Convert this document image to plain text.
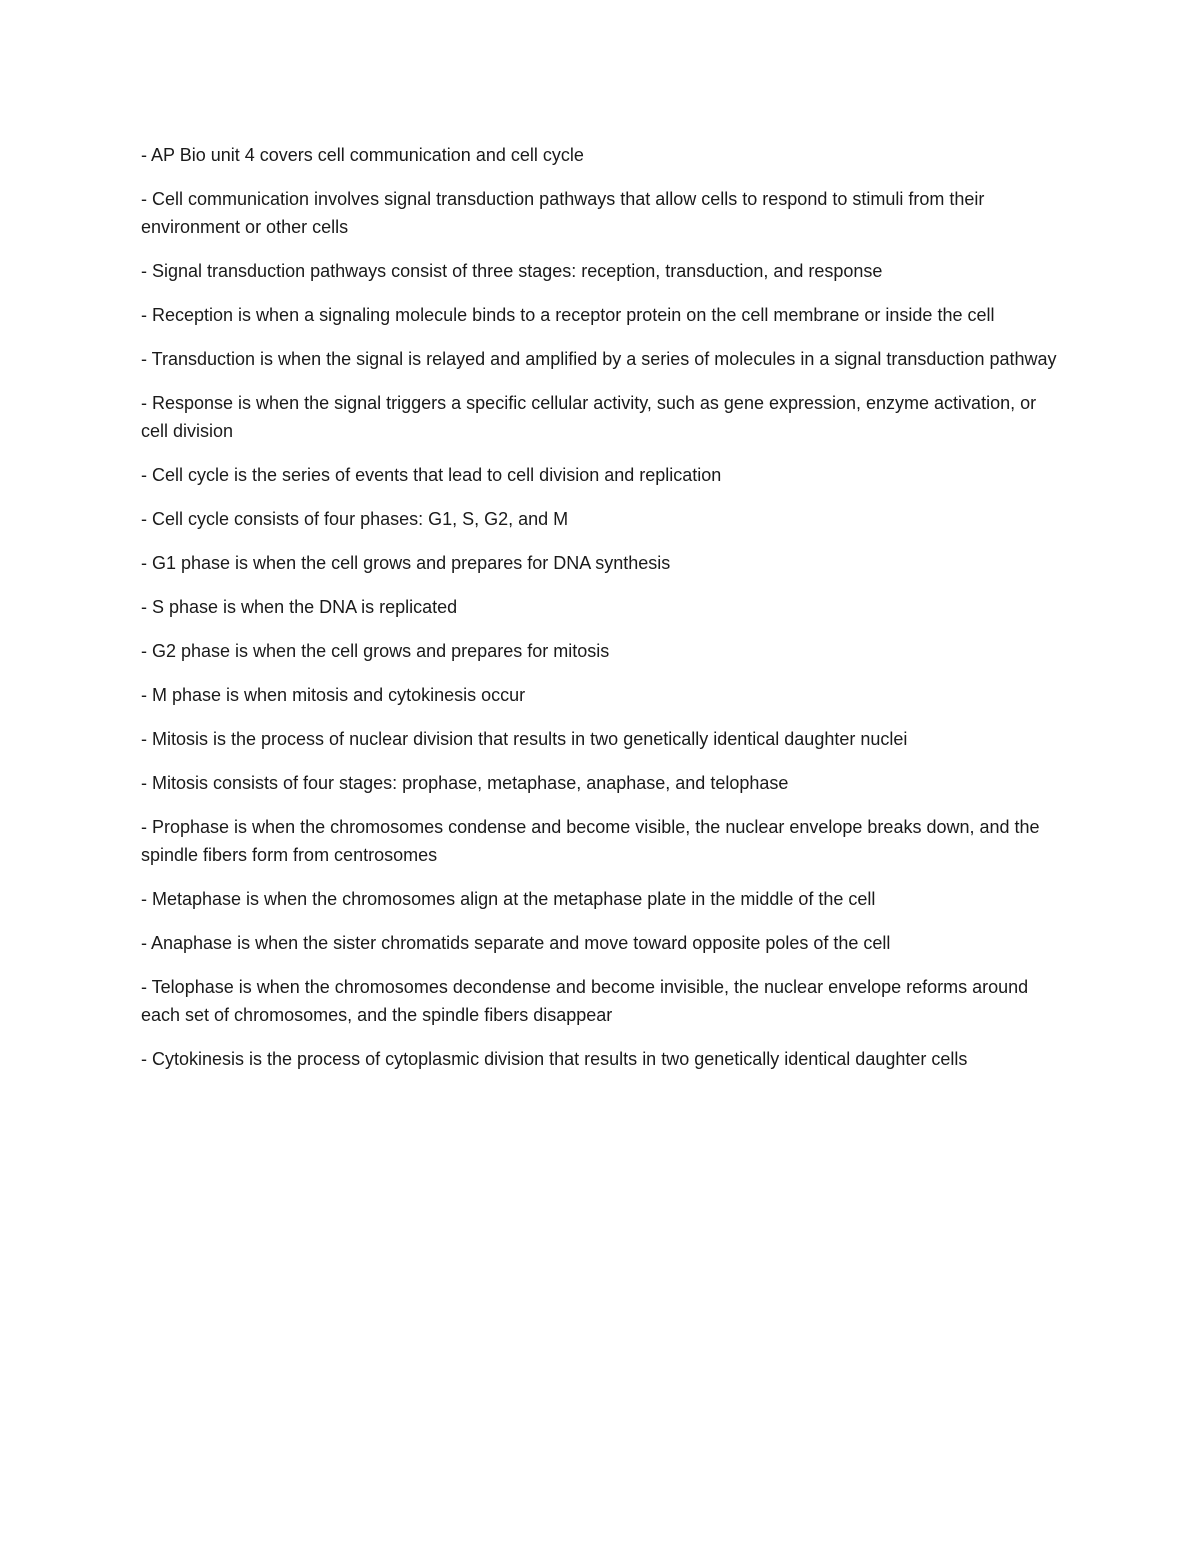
- AP Bio unit 4 covers cell communication and cell cycle

- Cell communication involves signal transduction pathways that allow cells to respond to stimuli from their environment or other cells

- Signal transduction pathways consist of three stages: reception, transduction, and response

- Reception is when a signaling molecule binds to a receptor protein on the cell membrane or inside the cell

- Transduction is when the signal is relayed and amplified by a series of molecules in a signal transduction pathway

- Response is when the signal triggers a specific cellular activity, such as gene expression, enzyme activation, or cell division

- Cell cycle is the series of events that lead to cell division and replication

- Cell cycle consists of four phases: G1, S, G2, and M

- G1 phase is when the cell grows and prepares for DNA synthesis

- S phase is when the DNA is replicated

- G2 phase is when the cell grows and prepares for mitosis

- M phase is when mitosis and cytokinesis occur

- Mitosis is the process of nuclear division that results in two genetically identical daughter nuclei

- Mitosis consists of four stages: prophase, metaphase, anaphase, and telophase

- Prophase is when the chromosomes condense and become visible, the nuclear envelope breaks down, and the spindle fibers form from centrosomes

- Metaphase is when the chromosomes align at the metaphase plate in the middle of the cell

- Anaphase is when the sister chromatids separate and move toward opposite poles of the cell

- Telophase is when the chromosomes decondense and become invisible, the nuclear envelope reforms around each set of chromosomes, and the spindle fibers disappear

- Cytokinesis is the process of cytoplasmic division that results in two genetically identical daughter cells
